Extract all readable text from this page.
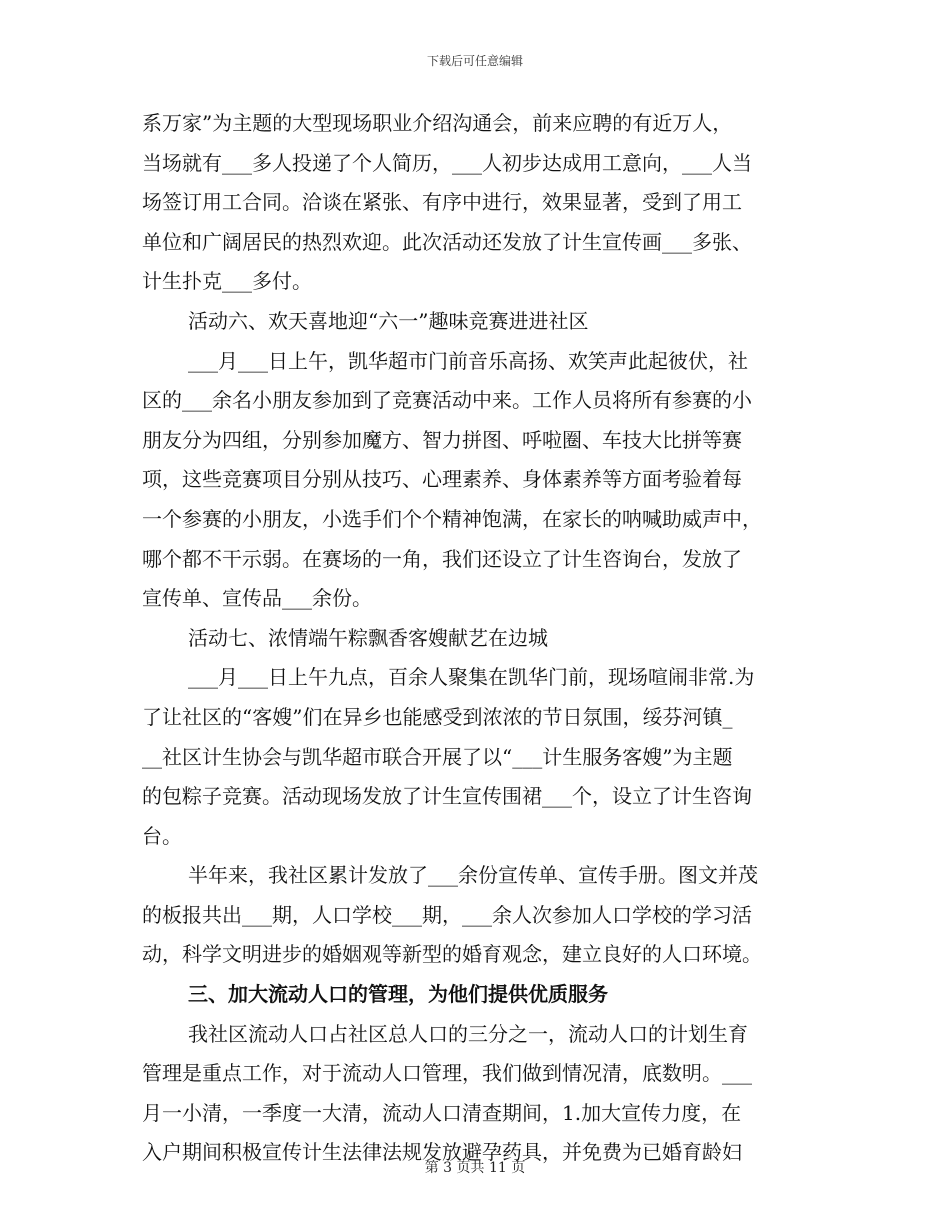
下载后可任意编辑
系万家”为主题的大型现场职业介绍沟通会，前来应聘的有近万人，
当场就有___多人投递了个人简历，___人初步达成用工意向，___人当
场签订用工合同。洽谈在紧张、有序中进行，效果显著，受到了用工
单位和广阔居民的热烈欢迎。此次活动还发放了计生宣传画___多张、
计生扑克___多付。
活动六、欢天喜地迎“六一”趣味竞赛进进社区
___月___日上午，凯华超市门前音乐高扬、欢笑声此起彼伏，社
区的___余名小朋友参加到了竞赛活动中来。工作人员将所有参赛的小
朋友分为四组，分别参加魔方、智力拼图、呼啦圈、车技大比拼等赛
项，这些竞赛项目分别从技巧、心理素养、身体素养等方面考验着每
一个参赛的小朋友，小选手们个个精神饱满，在家长的呐喊助威声中，
哪个都不干示弱。在赛场的一角，我们还设立了计生咨询台，发放了
宣传单、宣传品___余份。
活动七、浓情端午粽飘香客嫂献艺在边城
___月___日上午九点，百余人聚集在凯华门前，现场喧闹非常.为
了让社区的“客嫂”们在异乡也能感受到浓浓的节日氛围，绥芬河镇_
__社区计生协会与凯华超市联合开展了以“___计生服务客嫂”为主题
的包粽子竞赛。活动现场发放了计生宣传围裙___个，设立了计生咨询
台。
半年来，我社区累计发放了___余份宣传单、宣传手册。图文并茂
的板报共出___期，人口学校___期，___余人次参加人口学校的学习活
动，科学文明进步的婚姻观等新型的婚育观念，建立良好的人口环境。
三、加大流动人口的管理，为他们提供优质服务
我社区流动人口占社区总人口的三分之一，流动人口的计划生育
管理是重点工作，对于流动人口管理，我们做到情况清，底数明。___
月一小清，一季度一大清，流动人口清查期间，1.加大宣传力度，在
入户期间积极宣传计生法律法规发放避孕药具，并免费为已婚育龄妇
第 3 页共 11 页
